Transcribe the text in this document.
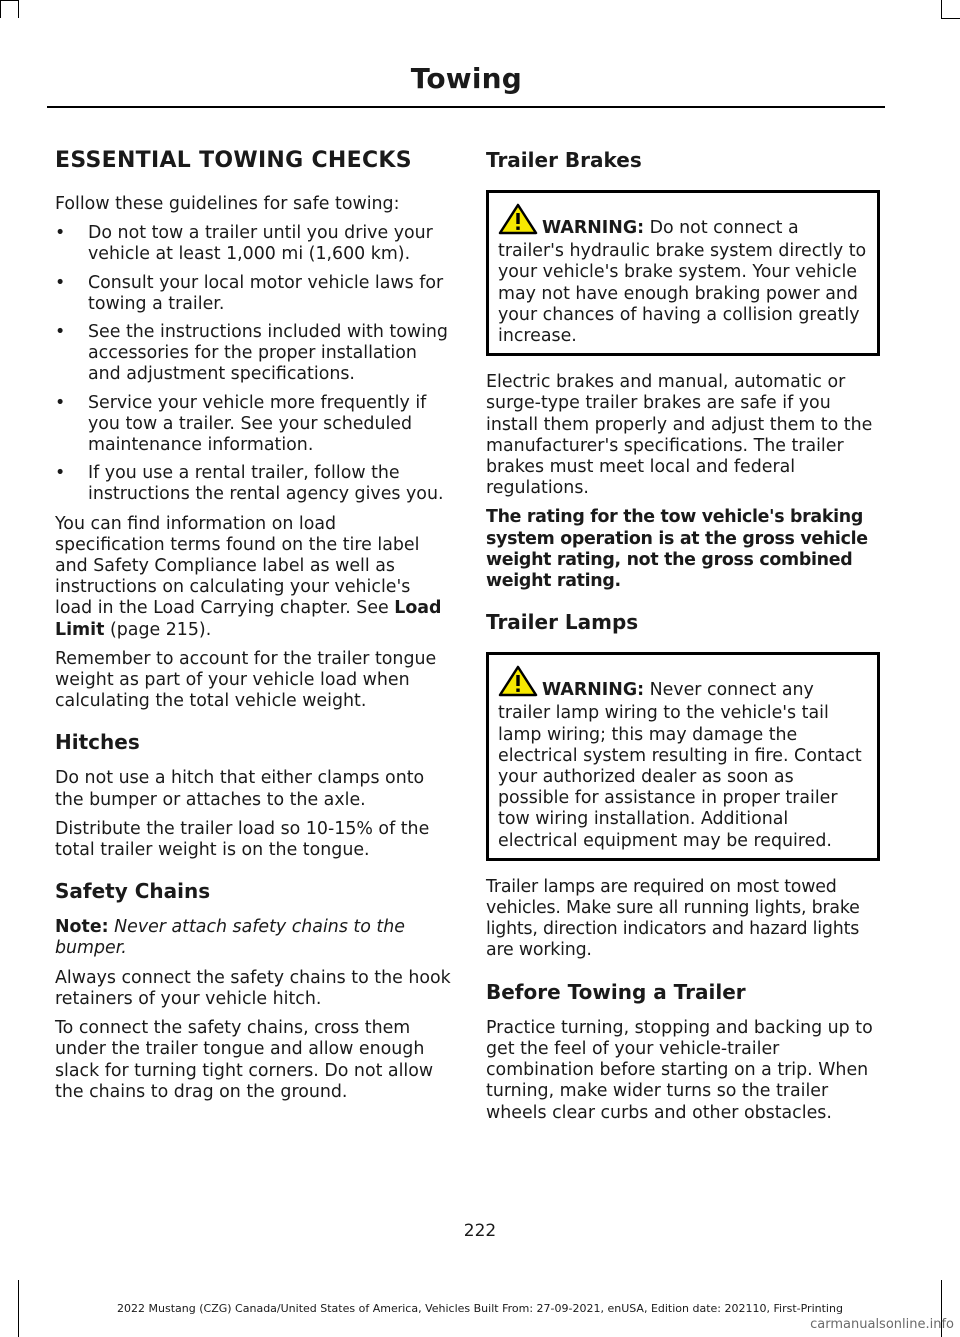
Towing
ESSENTIAL TOWING CHECKS

Follow these guidelines for safe towing:

• Do not tow a trailer until you drive your vehicle at least 1,000 mi (1,600 km).
• Consult your local motor vehicle laws for towing a trailer.
• See the instructions included with towing accessories for the proper installation and adjustment specifications.
• Service your vehicle more frequently if you tow a trailer. See your scheduled maintenance information.
• If you use a rental trailer, follow the instructions the rental agency gives you.

You can find information on load specification terms found on the tire label and Safety Compliance label as well as instructions on calculating your vehicle's load in the Load Carrying chapter. See Load Limit (page 215).

Remember to account for the trailer tongue weight as part of your vehicle load when calculating the total vehicle weight.

Hitches

Do not use a hitch that either clamps onto the bumper or attaches to the axle.

Distribute the trailer load so 10-15% of the total trailer weight is on the tongue.

Safety Chains

Note: Never attach safety chains to the bumper.

Always connect the safety chains to the hook retainers of your vehicle hitch.

To connect the safety chains, cross them under the trailer tongue and allow enough slack for turning tight corners. Do not allow the chains to drag on the ground.

Trailer Brakes
WARNING: Do not connect a trailer's hydraulic brake system directly to your vehicle's brake system. Your vehicle may not have enough braking power and your chances of having a collision greatly increase.

Electric brakes and manual, automatic or surge-type trailer brakes are safe if you install them properly and adjust them to the manufacturer's specifications. The trailer brakes must meet local and federal regulations.

The rating for the tow vehicle's braking system operation is at the gross vehicle weight rating, not the gross combined weight rating.

Trailer Lamps
WARNING: Never connect any trailer lamp wiring to the vehicle's tail lamp wiring; this may damage the electrical system resulting in fire. Contact your authorized dealer as soon as possible for assistance in proper trailer tow wiring installation. Additional electrical equipment may be required.

Trailer lamps are required on most towed vehicles. Make sure all running lights, brake lights, direction indicators and hazard lights are working.

Before Towing a Trailer

Practice turning, stopping and backing up to get the feel of your vehicle-trailer combination before starting on a trip. When turning, make wider turns so the trailer wheels clear curbs and other obstacles.

222
2022 Mustang (CZG) Canada/United States of America, Vehicles Built From: 27-09-2021, enUSA, Edition date: 202110, First-Printing
carmanualsonline.info
